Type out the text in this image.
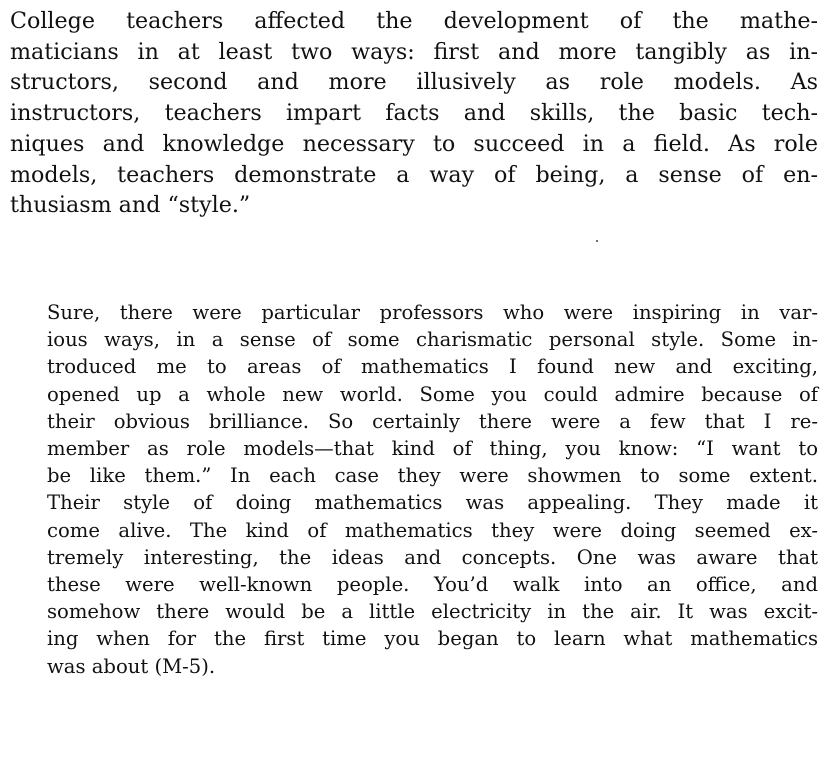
College teachers affected the development of the mathe-
maticians in at least two ways: first and more tangibly as in-
structors, second and more illusively as role models. As
instructors, teachers impart facts and skills, the basic tech-
niques and knowledge necessary to succeed in a field. As role
models, teachers demonstrate a way of being, a sense of en-
thusiasm and “style.”
Sure, there were particular professors who were inspiring in var-
ious ways, in a sense of some charismatic personal style. Some in-
troduced me to areas of mathematics I found new and exciting,
opened up a whole new world. Some you could admire because of
their obvious brilliance. So certainly there were a few that I re-
member as role models—that kind of thing, you know: “I want to
be like them.” In each case they were showmen to some extent.
Their style of doing mathematics was appealing. They made it
come alive. The kind of mathematics they were doing seemed ex-
tremely interesting, the ideas and concepts. One was aware that
these were well-known people. You’d walk into an office, and
somehow there would be a little electricity in the air. It was excit-
ing when for the first time you began to learn what mathematics
was about (M-5).
